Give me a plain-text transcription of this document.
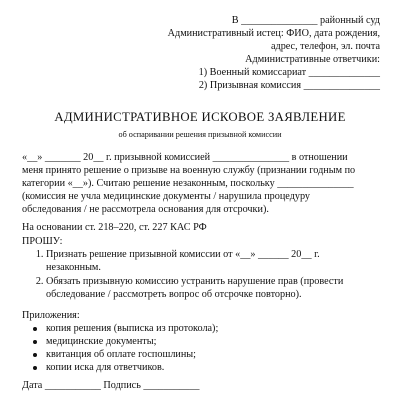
В _______________ районный суд
Административный истец: ФИО, дата рождения,
адрес, телефон, эл. почта
Административные ответчики:
1) Военный комиссариат ______________
2) Призывная комиссия _______________
АДМИНИСТРАТИВНОЕ ИСКОВОЕ ЗАЯВЛЕНИЕ
об оспаривании решения призывной комиссии
«__» _______ 20__ г. призывной комиссией _______________ в отношении
меня принято решение о призыве на военную службу (признании годным по
категории «__»). Считаю решение незаконным, поскольку _______________
(комиссия не учла медицинские документы / нарушила процедуру
обследования / не рассмотрела основания для отсрочки).
На основании ст. 218–220, ст. 227 КАС РФ
ПРОШУ:
1. Признать решение призывной комиссии от «__» ______ 20__ г.
незаконным.
2. Обязать призывную комиссию устранить нарушение прав (провести
обследование / рассмотреть вопрос об отсрочке повторно).
Приложения:
копия решения (выписка из протокола);
медицинские документы;
квитанция об оплате госпошлины;
копии иска для ответчиков.
Дата ___________ Подпись ___________
